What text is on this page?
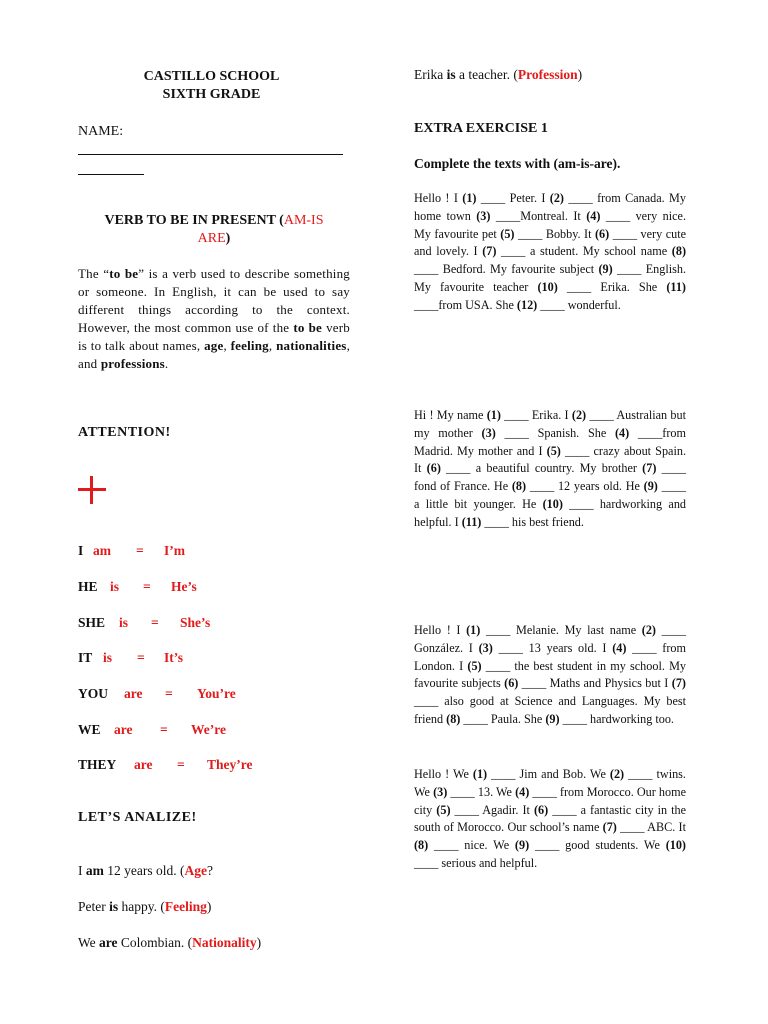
CASTILLO SCHOOL
SIXTH GRADE
NAME:
VERB TO BE IN PRESENT (AM-IS
ARE)
The “to be” is a verb used to describe something or someone. In English, it can be used to say different things according to the context. However, the most common use of the to be verb is to talk about names, age, feeling, nationalities, and professions.
ATTENTION!
I am = I’m
HE is = He’s
SHE is = She’s
IT is = It’s
YOU are = You’re
WE are = We’re
THEY are = They’re
LET’S ANALIZE!
I am 12 years old. (Age?
Peter is happy. (Feeling)
We are Colombian. (Nationality)
Erika is a teacher. (Profession)
EXTRA EXERCISE 1
Complete the texts with (am-is-are).
Hello ! I (1) ____ Peter. I (2) ____ from Canada. My home town (3) ____Montreal. It (4) ____ very nice. My favourite pet (5) ____ Bobby. It (6) ____ very cute and lovely. I (7) ____ a student. My school name (8) ____ Bedford. My favourite subject (9) ____ English. My favourite teacher (10) ____ Erika. She (11) ____from USA. She (12) ____ wonderful.
Hi ! My name (1) ____ Erika. I (2) ____ Australian but my mother (3) ____ Spanish. She (4) ____from Madrid. My mother and I (5) ____ crazy about Spain. It (6) ____ a beautiful country. My brother (7) ____ fond of France. He (8) ____ 12 years old. He (9) ____ a little bit younger. He (10) ____ hardworking and helpful. I (11) ____ his best friend.
Hello ! I (1) ____ Melanie. My last name (2) ____ González. I (3) ____ 13 years old. I (4) ____ from London. I (5) ____ the best student in my school. My favourite subjects (6) ____ Maths and Physics but I (7) ____ also good at Science and Languages. My best friend (8) ____ Paula. She (9) ____ hardworking too.
Hello ! We (1) ____ Jim and Bob. We (2) ____ twins. We (3) ____ 13. We (4) ____ from Morocco. Our home city (5) ____ Agadir. It (6) ____ a fantastic city in the south of Morocco. Our school’s name (7) ____ ABC. It (8) ____ nice. We (9) ____ good students. We (10) ____ serious and helpful.
